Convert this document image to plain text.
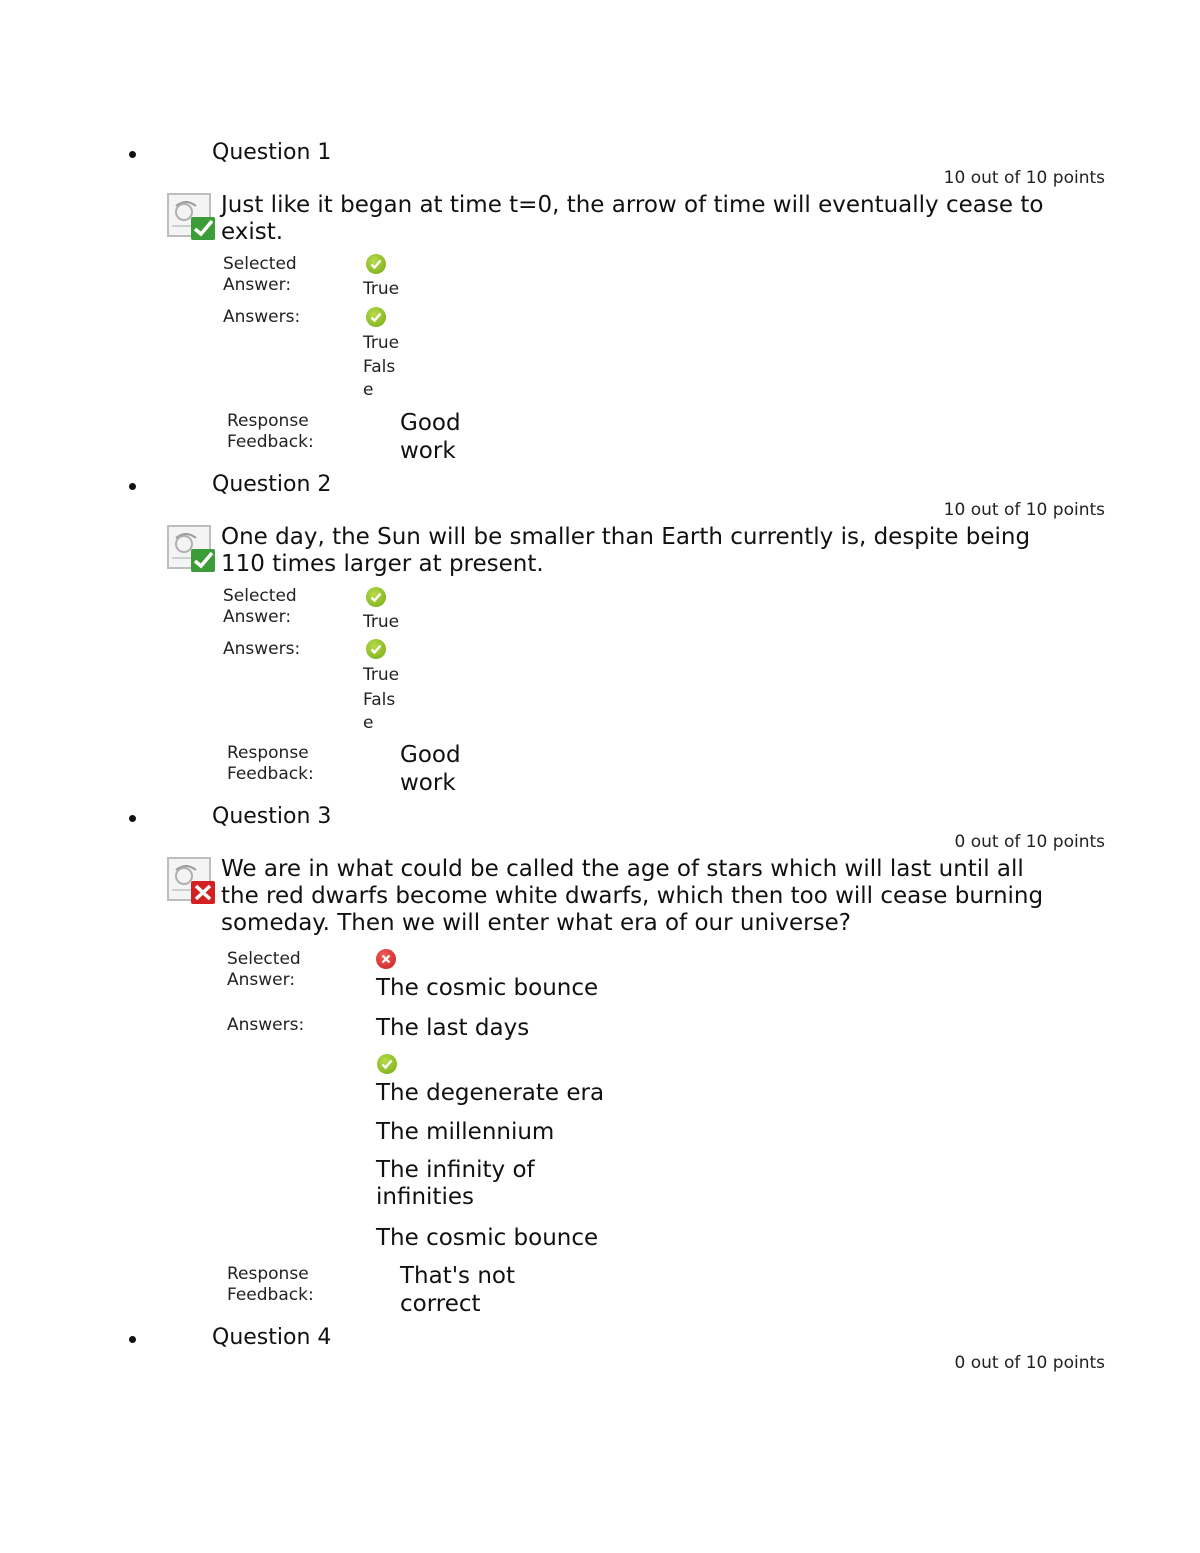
Question 1
10 out of 10 points
Just like it began at time t=0, the arrow of time will eventually cease to
exist.
Selected
Answer:	True
Answers:
True
Fals
e
Response
Feedback:
Good
work
Question 2
10 out of 10 points
One day, the Sun will be smaller than Earth currently is, despite being
110 times larger at present.
Selected
Answer:	True
Answers:
True
Fals
e
Response
Feedback:
Good
work
Question 3
0 out of 10 points
We are in what could be called the age of stars which will last until all
the red dwarfs become white dwarfs, which then too will cease burning
someday. Then we will enter what era of our universe?
Selected
Answer:	The cosmic bounce
Answers:	The last days
The degenerate era
The millennium
The infinity of
infinities
The cosmic bounce
Response
Feedback:
That's not
correct
Question 4
0 out of 10 points
